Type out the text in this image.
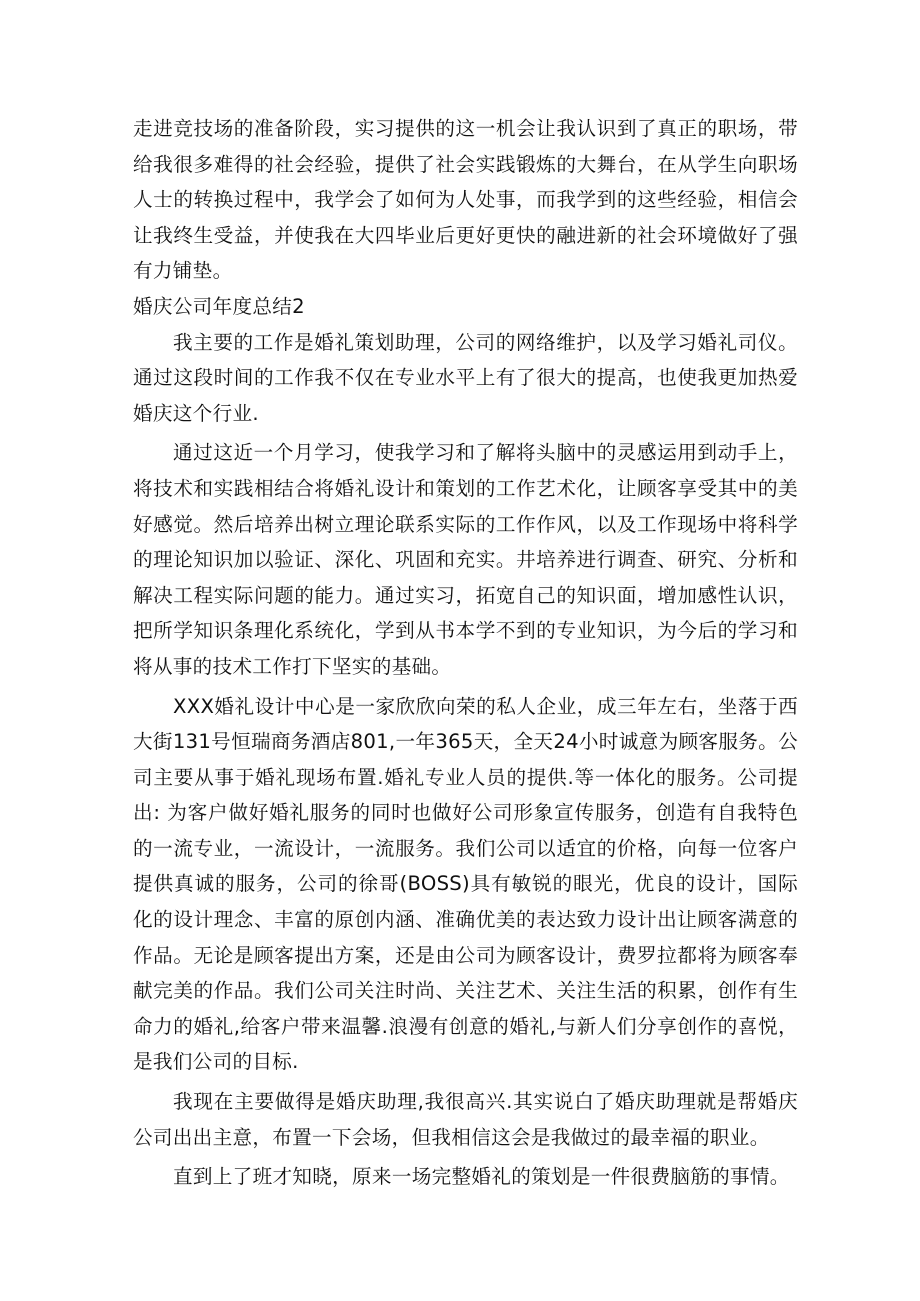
走进竞技场的准备阶段，实习提供的这一机会让我认识到了真正的职场，带给我很多难得的社会经验，提供了社会实践锻炼的大舞台，在从学生向职场人士的转换过程中，我学会了如何为人处事，而我学到的这些经验，相信会让我终生受益，并使我在大四毕业后更好更快的融进新的社会环境做好了强有力铺垫。

婚庆公司年度总结2

我主要的工作是婚礼策划助理，公司的网络维护，以及学习婚礼司仪。通过这段时间的工作我不仅在专业水平上有了很大的提高，也使我更加热爱婚庆这个行业.

通过这近一个月学习，使我学习和了解将头脑中的灵感运用到动手上，将技术和实践相结合将婚礼设计和策划的工作艺术化，让顾客享受其中的美好感觉。然后培养出树立理论联系实际的工作作风，以及工作现场中将科学的理论知识加以验证、深化、巩固和充实。井培养进行调查、研究、分析和解决工程实际问题的能力。通过实习，拓宽自己的知识面，增加感性认识，把所学知识条理化系统化，学到从书本学不到的专业知识，为今后的学习和将从事的技术工作打下坚实的基础。

XXX婚礼设计中心是一家欣欣向荣的私人企业，成三年左右，坐落于西大街131号恒瑞商务酒店801,一年365天，全天24小时诚意为顾客服务。公司主要从事于婚礼现场布置.婚礼专业人员的提供.等一体化的服务。公司提出: 为客户做好婚礼服务的同时也做好公司形象宣传服务，创造有自我特色的一流专业，一流设计，一流服务。我们公司以适宜的价格，向每一位客户提供真诚的服务，公司的徐哥(BOSS)具有敏锐的眼光，优良的设计，国际化的设计理念、丰富的原创内涵、准确优美的表达致力设计出让顾客满意的作品。无论是顾客提出方案，还是由公司为顾客设计，费罗拉都将为顾客奉献完美的作品。我们公司关注时尚、关注艺术、关注生活的积累，创作有生命力的婚礼,给客户带来温馨.浪漫有创意的婚礼,与新人们分享创作的喜悦，是我们公司的目标.

我现在主要做得是婚庆助理,我很高兴.其实说白了婚庆助理就是帮婚庆公司出出主意，布置一下会场，但我相信这会是我做过的最幸福的职业。

直到上了班才知晓，原来一场完整婚礼的策划是一件很费脑筋的事情。
